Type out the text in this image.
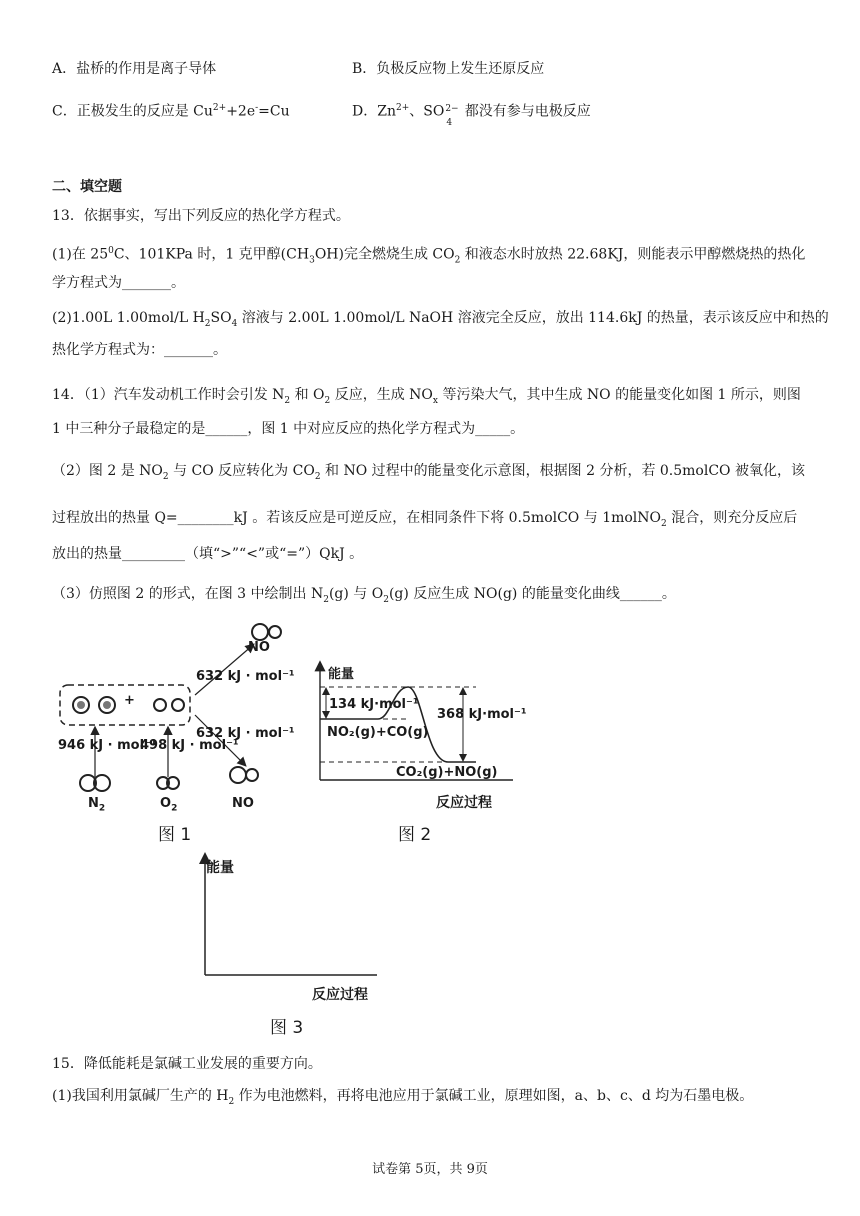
A．盐桥的作用是离子导体	B．负极反应物上发生还原反应
C．正极发生的反应是 $Cu^{2+}+2e^-=Cu$	D．$Zn^{2+}$、SO 2−
4
都没有参与电极反应
二、填空题
13．依据事实，写出下列反应的热化学方程式。
(1)在 $25^0C$、101KPa 时，1 克甲醇$(CH_3OH)$完全燃烧生成 $CO_2$ 和液态水时放热 22.68KJ，则能表示甲醇燃烧热的热化
学方程式为_______。
(2)1.00L 1.00mol/L $H_2SO_4$ 溶液与 2.00L 1.00mol/L NaOH 溶液完全反应，放出 114.6kJ 的热量，表示该反应中和热的
热化学方程式为：_______。
14．（1）汽车发动机工作时会引发 $N_2$ 和 $O_2$ 反应，生成 $NO_x$ 等污染大气，其中生成 NO 的能量变化如图 1 所示，则图
1 中三种分子最稳定的是______，图 1 中对应反应的热化学方程式为_____。
（2）图 2 是 $NO_2$ 与 CO 反应转化为 $CO_2$ 和 NO 过程中的能量变化示意图，根据图 2 分析，若 0.5molCO 被氧化，该
过程放出的热量 Q=________kJ 。若该反应是可逆反应，在相同条件下将 0.5molCO 与 1molNO$_2$ 混合，则充分反应后
放出的热量_________（填“>”“<”或“=”）QkJ 。
（3）仿照图 2 的形式，在图 3 中绘制出 $N_2(g)$ 与 $O_2(g)$ 反应生成 NO(g) 的能量变化曲线______。
NO
+
632 kJ · mol⁻¹
632 kJ · mol⁻¹
946 kJ · mol⁻¹
498 kJ · mol⁻¹
$N_2$	$O_2$	NO
图 1
能量
134 kJ·mol⁻¹
368 kJ·mol⁻¹
NO₂(g)+CO(g)
CO₂(g)+NO(g)
反应过程
图 2
能量
反应过程
图 3
15．降低能耗是氯碱工业发展的重要方向。
(1)我国利用氯碱厂生产的 $H_2$ 作为电池燃料，再将电池应用于氯碱工业，原理如图，a、b、c、d 均为石墨电极。
试卷第 5页，共 9页
